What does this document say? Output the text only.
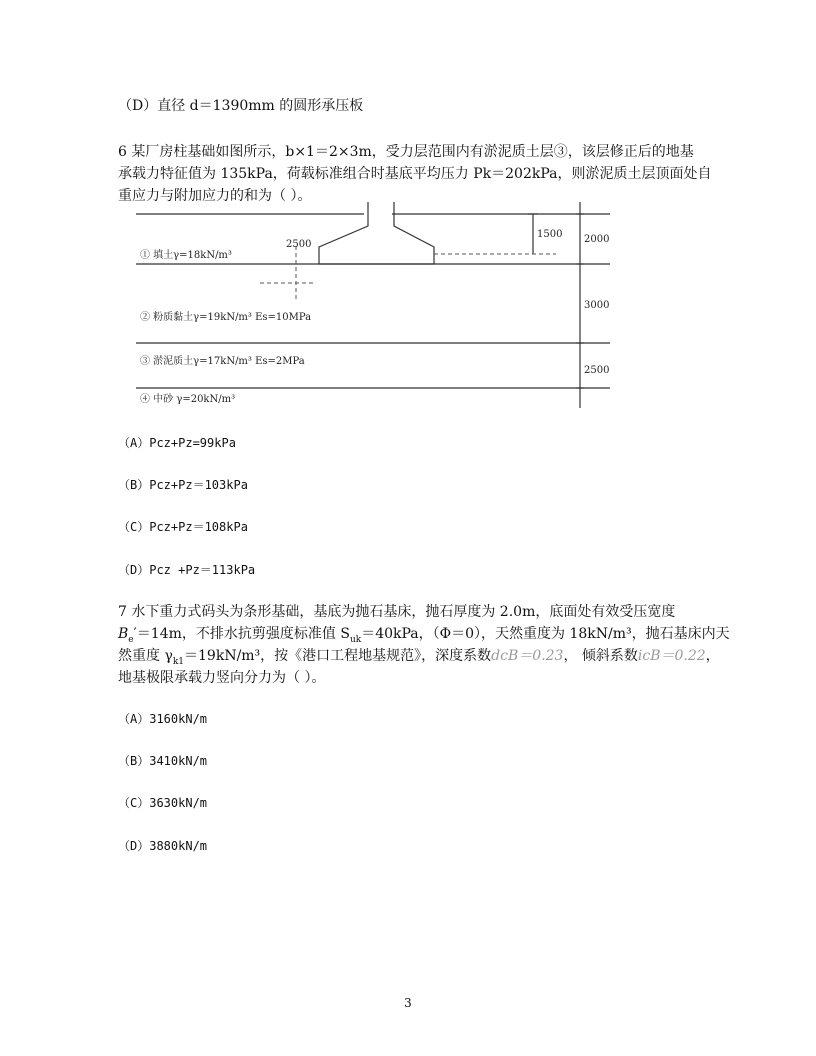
（D）直径 d＝1390mm 的圆形承压板
6 某厂房柱基础如图所示，b×1＝2×3m，受力层范围内有淤泥质土层③，该层修正后的地基
承载力特征值为 135kPa，荷载标准组合时基底平均压力 Pk＝202kPa，则淤泥质土层顶面处自
重应力与附加应力的和为（ ）。
2500
1500 2000
3000
2500
① 填土γ=18kN/m³
② 粉质黏土γ=19kN/m³ Es=10MPa
③ 淤泥质土γ=17kN/m³ Es=2MPa
④ 中砂 γ=20kN/m³
（A）Pcz+Pz=99kPa
（B）Pcz+Pz＝103kPa
（C）Pcz+Pz＝108kPa
（D）Pcz +Pz＝113kPa
7 水下重力式码头为条形基础，基底为抛石基床，抛石厚度为 2.0m，底面处有效受压宽度
$B_e'=14m$，不排水抗剪强度标准值 $S_{uk}=40kPa$，（Φ＝0），天然重度为 18kN/m³，抛石基床内天
然重度 $\gamma_{k1}=19kN/m^3$，按《港口工程地基规范》，深度系数dcB＝0.23， 倾斜系数icB＝0.22，
地基极限承载力竖向分力为（ ）。
（A）3160kN/m
（B）3410kN/m
（C）3630kN/m
（D）3880kN/m
3
